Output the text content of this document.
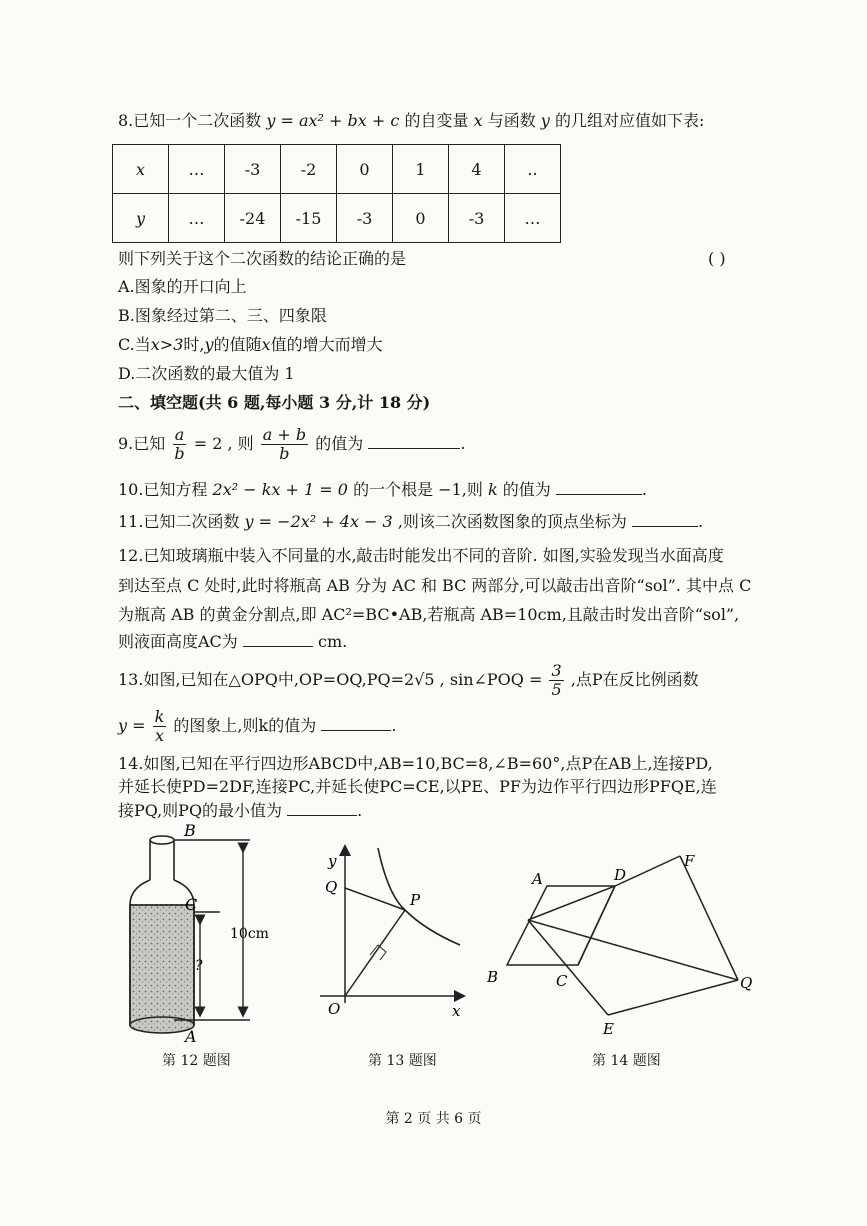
8.已知一个二次函数 y = ax² + bx + c 的自变量 x 与函数 y 的几组对应值如下表:
x	…	-3	-2	0	1	4	..
y	…	-24	-15	-3	0	-3	…
则下列关于这个二次函数的结论正确的是	( )
A.图象的开口向上
B.图象经过第二、三、四象限
C.当x>3时,y的值随x值的增大而增大
D.二次函数的最大值为 1
二、填空题(共 6 题,每小题 3 分,计 18 分)
9.已知 $\frac{a}{b} = 2$ , 则 $\frac{a + b}{b}$ 的值为	.
10.已知方程 2x² − kx + 1 = 0 的一个根是 −1,则 k 的值为	.
11.已知二次函数 y = −2x² + 4x − 3 ,则该二次函数图象的顶点坐标为	.
12.已知玻璃瓶中装入不同量的水,敲击时能发出不同的音阶. 如图,实验发现当水面高度
到达至点 C 处时,此时将瓶高 AB 分为 AC 和 BC 两部分,可以敲击出音阶“sol”. 其中点 C
为瓶高 AB 的黄金分割点,即 AC²=BC•AB,若瓶高 AB=10cm,且敲击时发出音阶“sol”,
则液面高度AC为	cm.
13.如图,已知在△OPQ中,OP=OQ,PQ=2√5 , sin∠POQ = $\frac{3}{5}$ ,点P在反比例函数
$y = \frac{k}{x}$ 的图象上,则k的值为	.
14.如图,已知在平行四边形ABCD中,AB=10,BC=8,∠B=60°,点P在AB上,连接PD,
并延长使PD=2DF,连接PC,并延长使PC=CE,以PE、PF为边作平行四边形PFQE,连
接PQ,则PQ的最小值为	.
B
C
A
10cm
?
y
Q
P
O	x
A	D
F
B	C
E
Q
第 12 题图	第 13 题图	第 14 题图
第 2 页 共 6 页
